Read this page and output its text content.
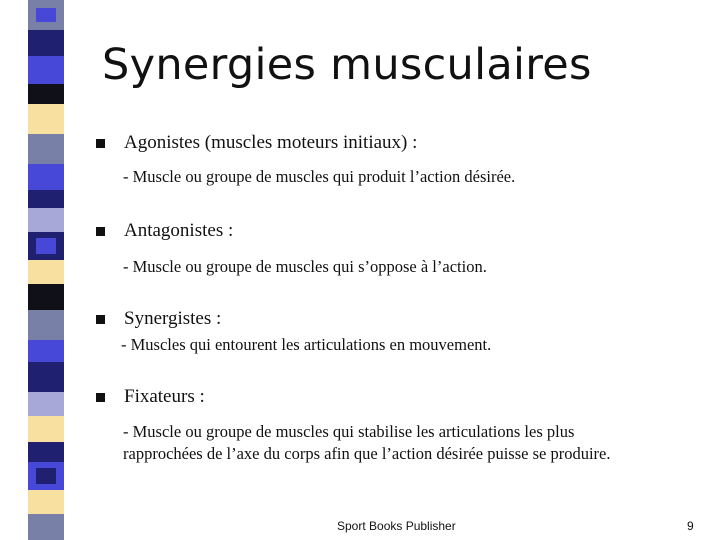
Synergies musculaires
Agonistes (muscles moteurs initiaux) :
- Muscle ou groupe de muscles qui produit l’action désirée.
Antagonistes :
- Muscle ou groupe de muscles qui s’oppose à l’action.
Synergistes :
- Muscles qui entourent les articulations en mouvement.
Fixateurs :
- Muscle ou groupe de muscles qui stabilise les articulations les plus
rapprochées de l’axe du corps afin que l’action désirée puisse se produire.
Sport Books Publisher	9
